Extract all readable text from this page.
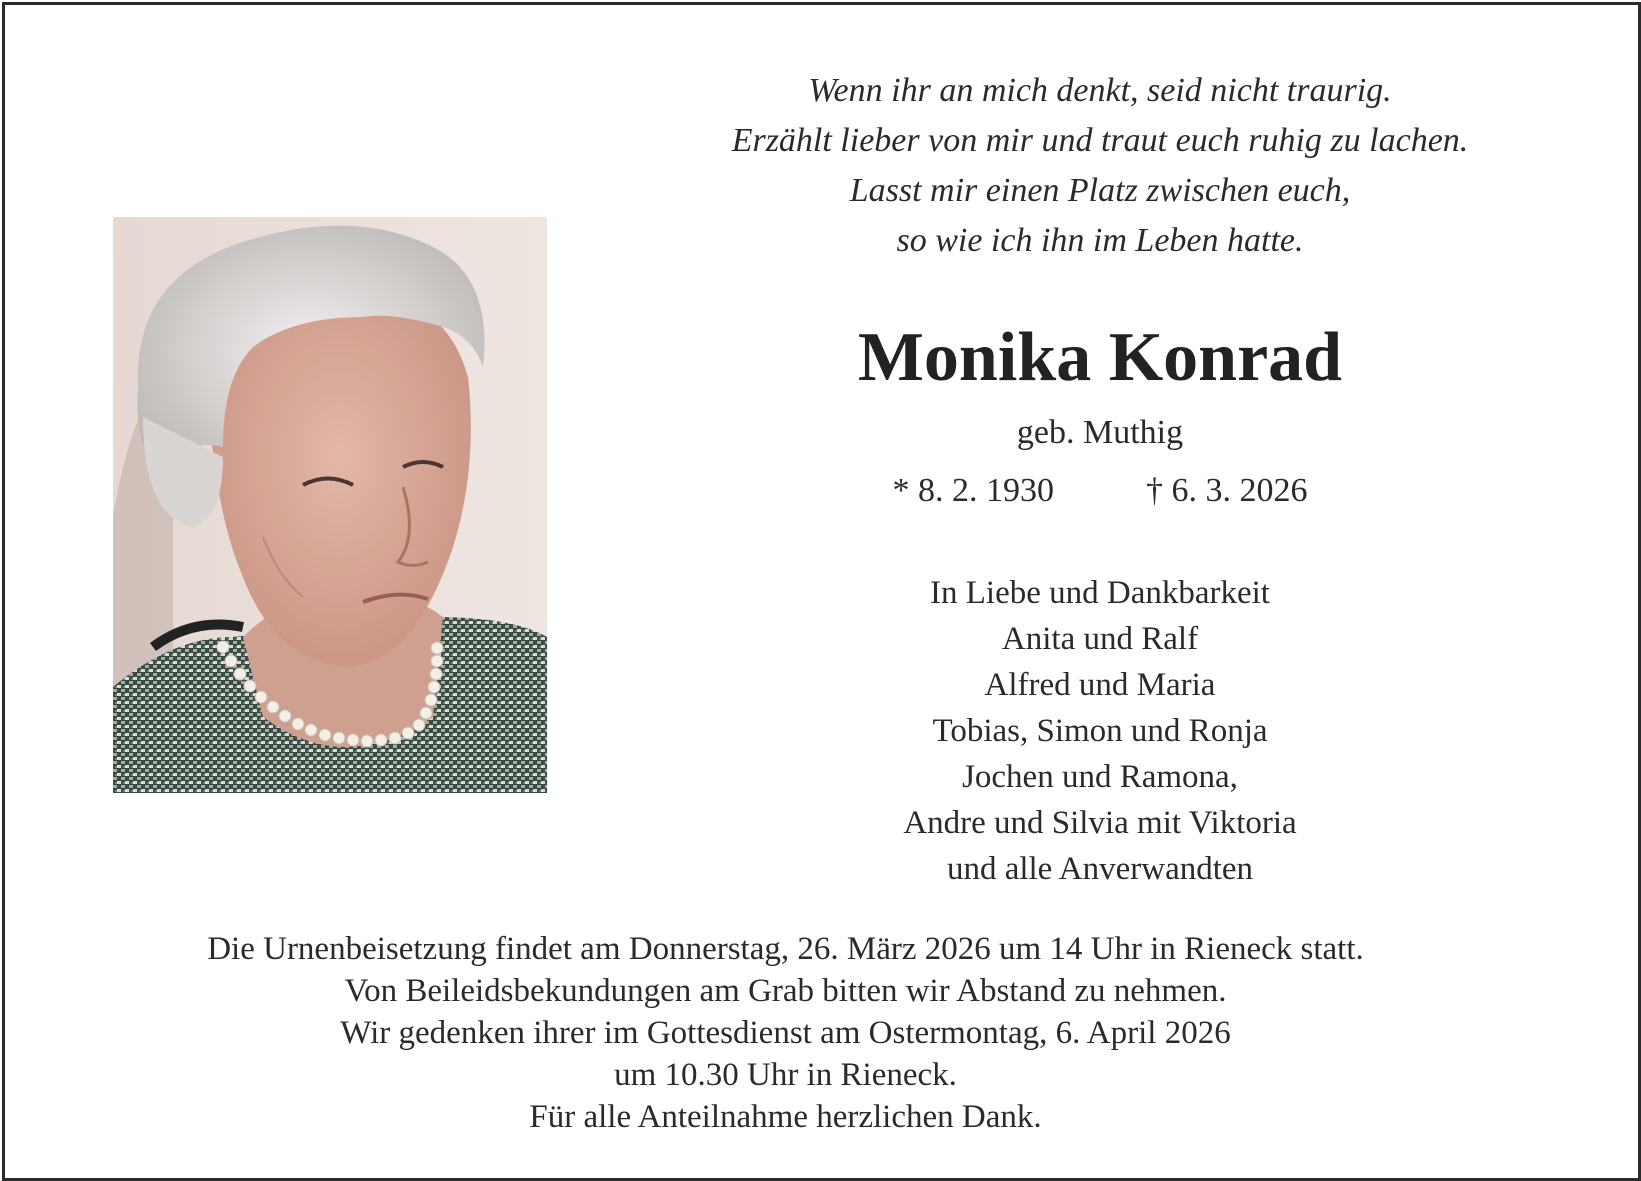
Wenn ihr an mich denkt, seid nicht traurig.
Erzählt lieber von mir und traut euch ruhig zu lachen.
Lasst mir einen Platz zwischen euch,
so wie ich ihn im Leben hatte.
Monika Konrad
geb. Muthig
* 8. 2. 1930	† 6. 3. 2026
In Liebe und Dankbarkeit
Anita und Ralf
Alfred und Maria
Tobias, Simon und Ronja
Jochen und Ramona,
Andre und Silvia mit Viktoria
und alle Anverwandten
Die Urnenbeisetzung findet am Donnerstag, 26. März 2026 um 14 Uhr in Rieneck statt.
Von Beileidsbekundungen am Grab bitten wir Abstand zu nehmen.
Wir gedenken ihrer im Gottesdienst am Ostermontag, 6. April 2026
um 10.30 Uhr in Rieneck.
Für alle Anteilnahme herzlichen Dank.
